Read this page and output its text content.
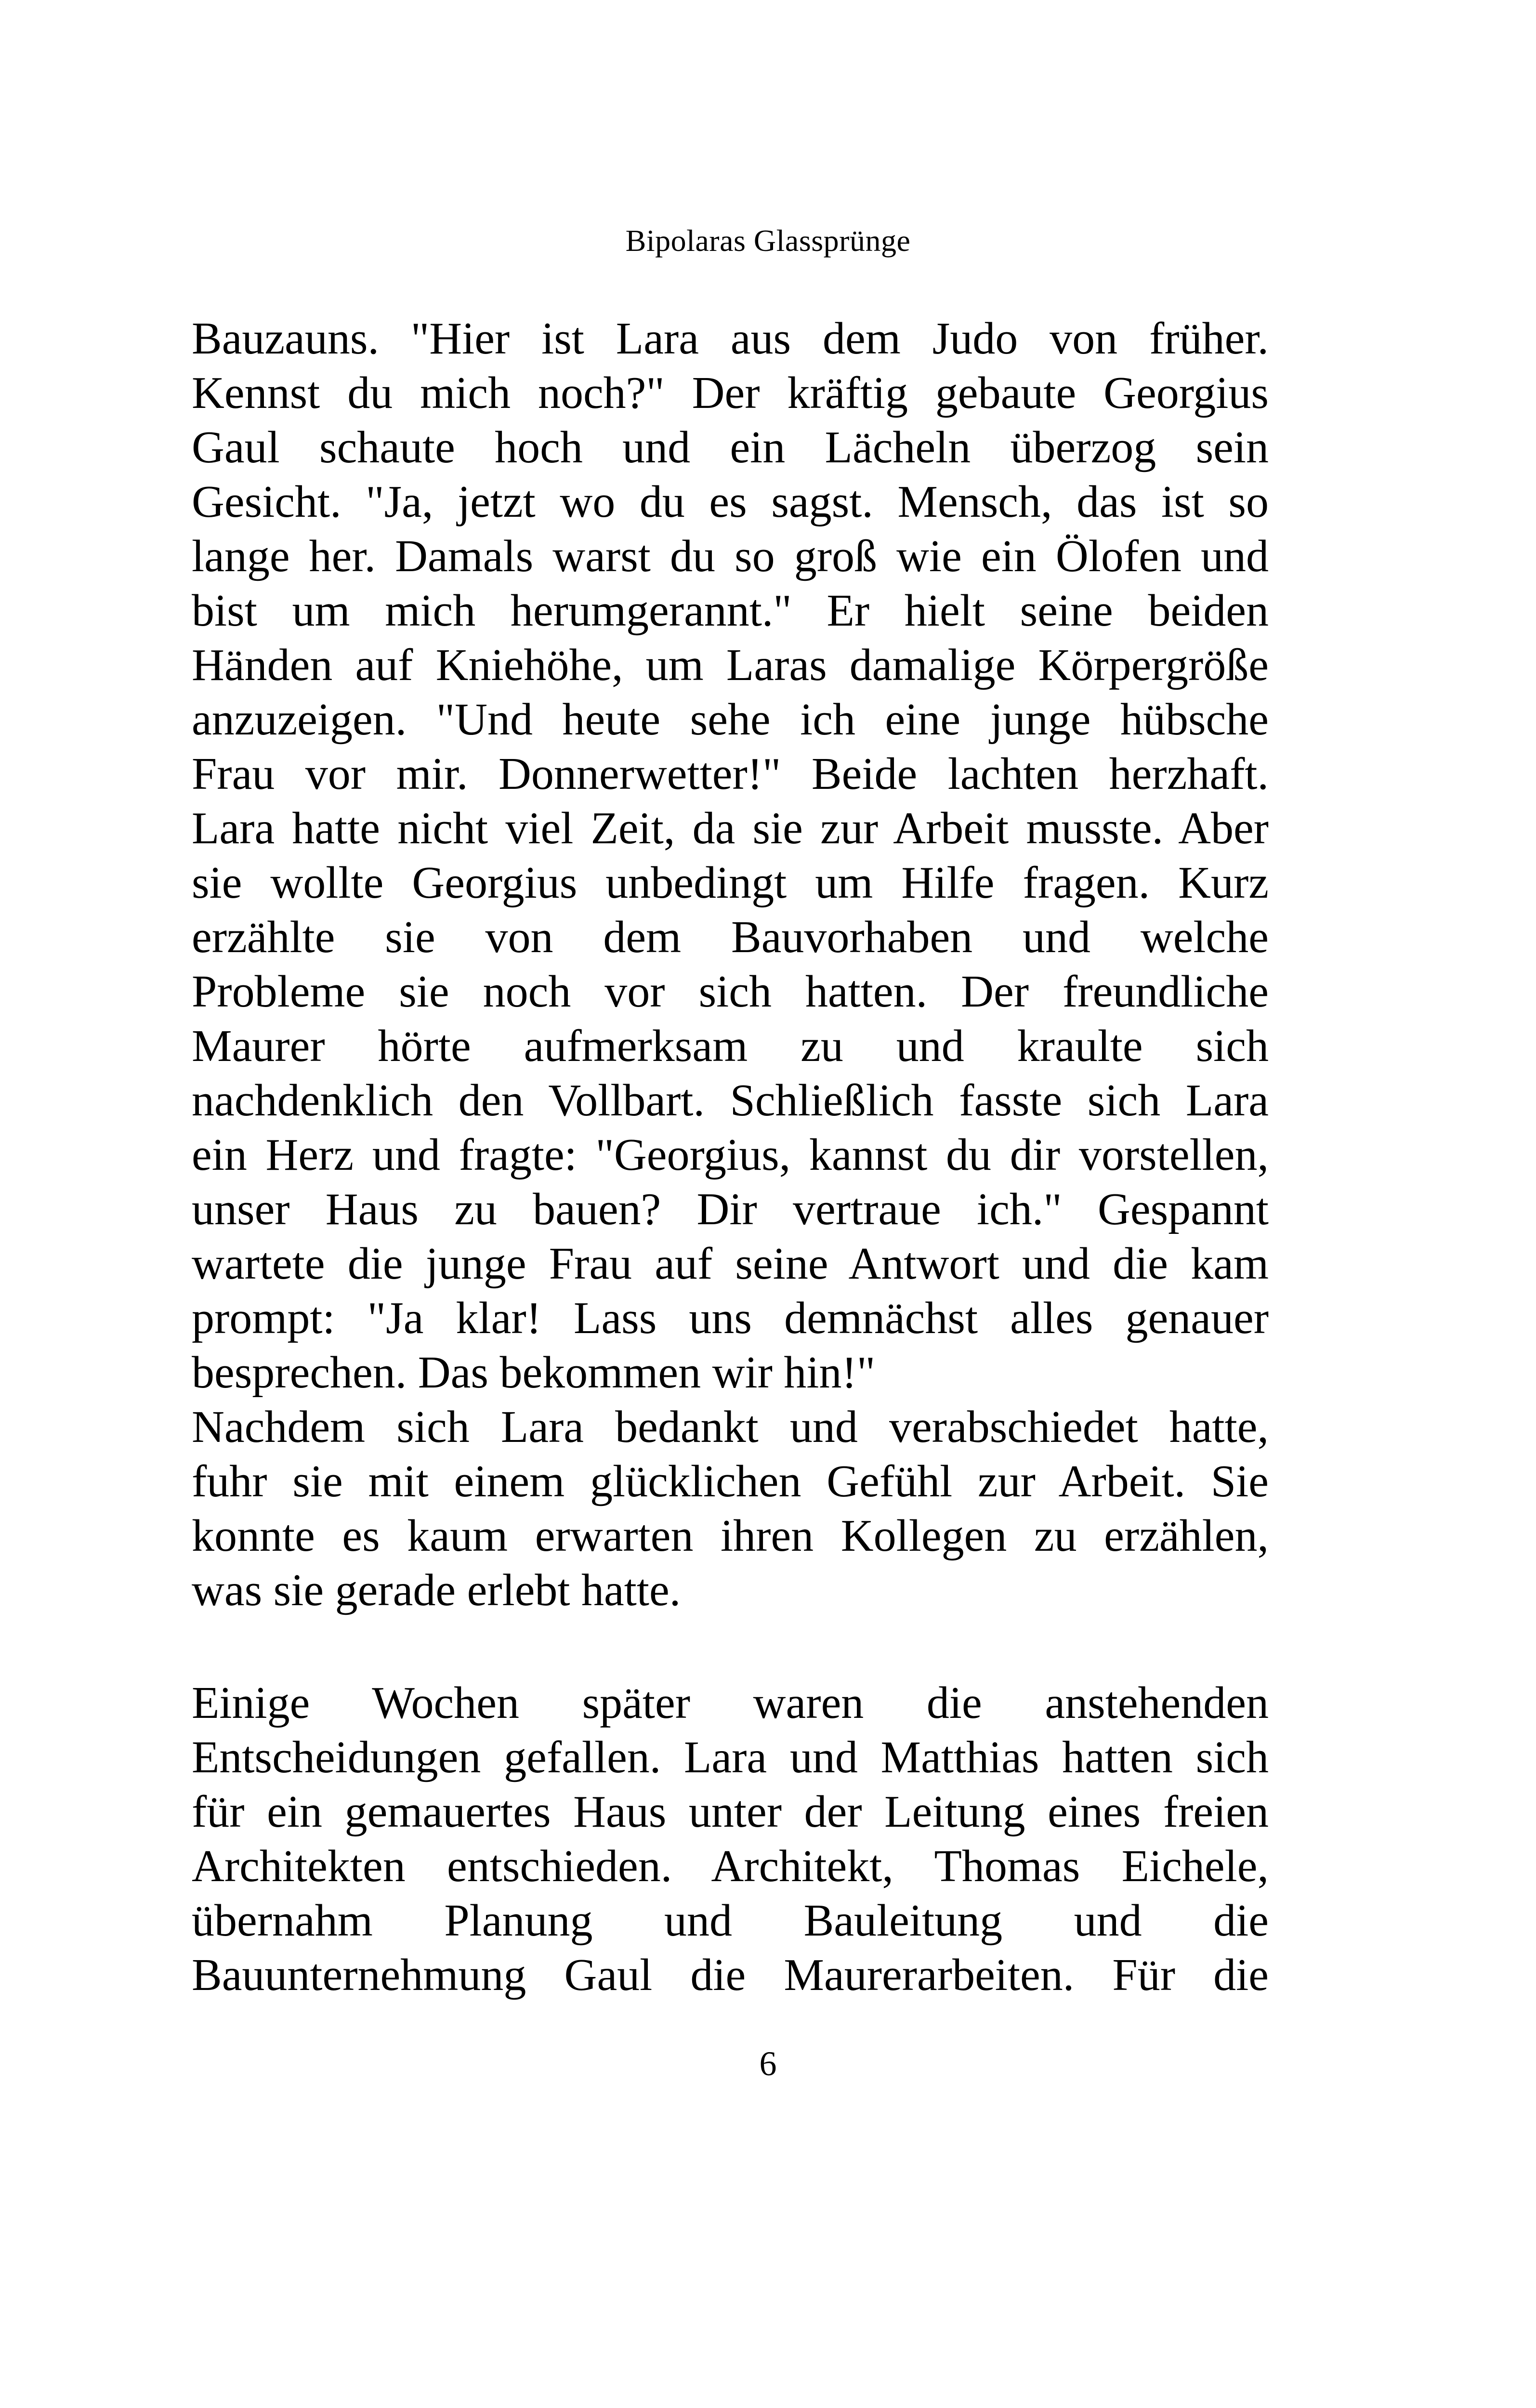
Bipolaras Glassprünge
Bauzauns. "Hier ist Lara aus dem Judo von früher.
Kennst du mich noch?" Der kräftig gebaute Georgius
Gaul schaute hoch und ein Lächeln überzog sein
Gesicht. "Ja, jetzt wo du es sagst. Mensch, das ist so
lange her. Damals warst du so groß wie ein Ölofen und
bist um mich herumgerannt." Er hielt seine beiden
Händen auf Kniehöhe, um Laras damalige Körpergröße
anzuzeigen. "Und heute sehe ich eine junge hübsche
Frau vor mir. Donnerwetter!" Beide lachten herzhaft.
Lara hatte nicht viel Zeit, da sie zur Arbeit musste. Aber
sie wollte Georgius unbedingt um Hilfe fragen. Kurz
erzählte sie von dem Bauvorhaben und welche
Probleme sie noch vor sich hatten. Der freundliche
Maurer hörte aufmerksam zu und kraulte sich
nachdenklich den Vollbart. Schließlich fasste sich Lara
ein Herz und fragte: "Georgius, kannst du dir vorstellen,
unser Haus zu bauen? Dir vertraue ich." Gespannt
wartete die junge Frau auf seine Antwort und die kam
prompt: "Ja klar! Lass uns demnächst alles genauer
besprechen. Das bekommen wir hin!"
Nachdem sich Lara bedankt und verabschiedet hatte,
fuhr sie mit einem glücklichen Gefühl zur Arbeit. Sie
konnte es kaum erwarten ihren Kollegen zu erzählen,
was sie gerade erlebt hatte.
Einige Wochen später waren die anstehenden
Entscheidungen gefallen. Lara und Matthias hatten sich
für ein gemauertes Haus unter der Leitung eines freien
Architekten entschieden. Architekt, Thomas Eichele,
übernahm Planung und Bauleitung und die
Bauunternehmung Gaul die Maurerarbeiten. Für die
6
